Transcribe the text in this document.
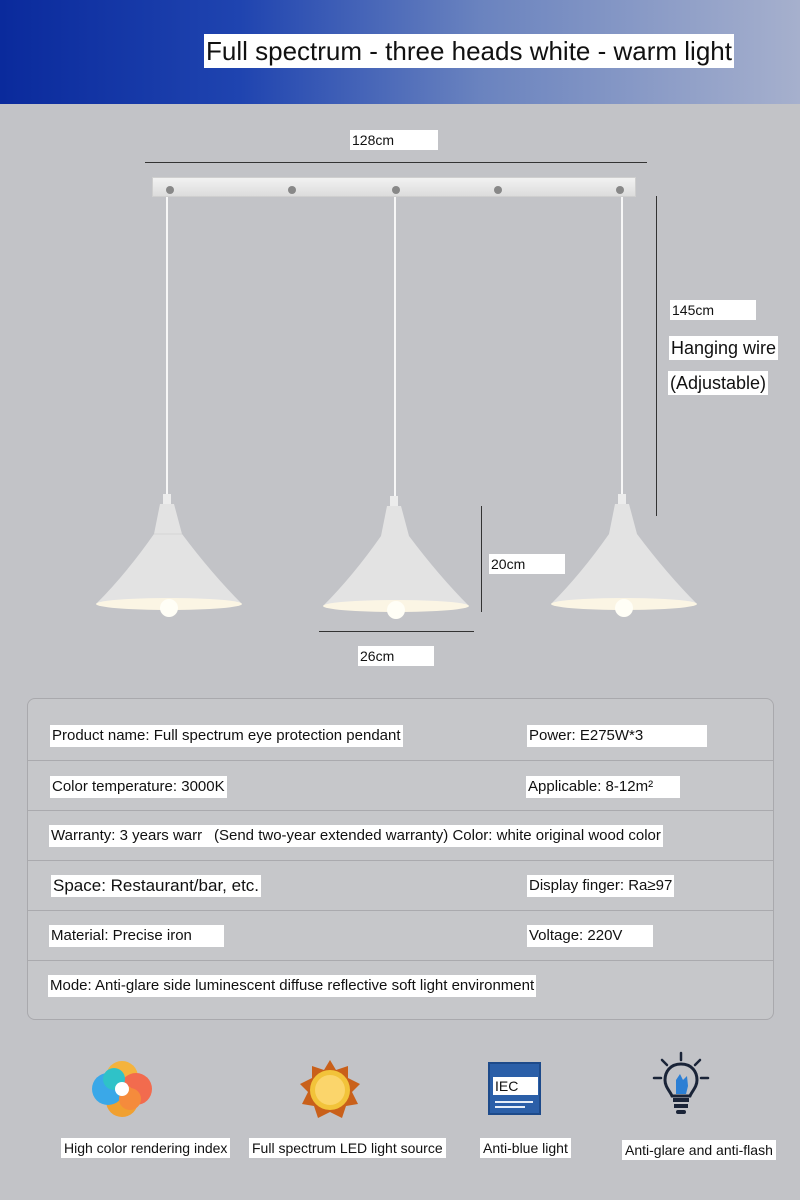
Full spectrum - three heads white - warm light
128cm
145cm
Hanging wire
(Adjustable)
20cm
26cm
Product name: Full spectrum eye protection pendant	Power: E275W*3
Color temperature: 3000K	Applicable: 8-12m²
Warranty: 3 years warr (Send two-year extended warranty) Color: white original wood color
Space: Restaurant/bar, etc.	Display finger: Ra≥97
Material: Precise iron	Voltage: 220V
Mode: Anti-glare side luminescent diffuse reflective soft light environment
High color rendering index Full spectrum LED light source
IEC
Anti-blue light	Anti-glare and anti-flash
